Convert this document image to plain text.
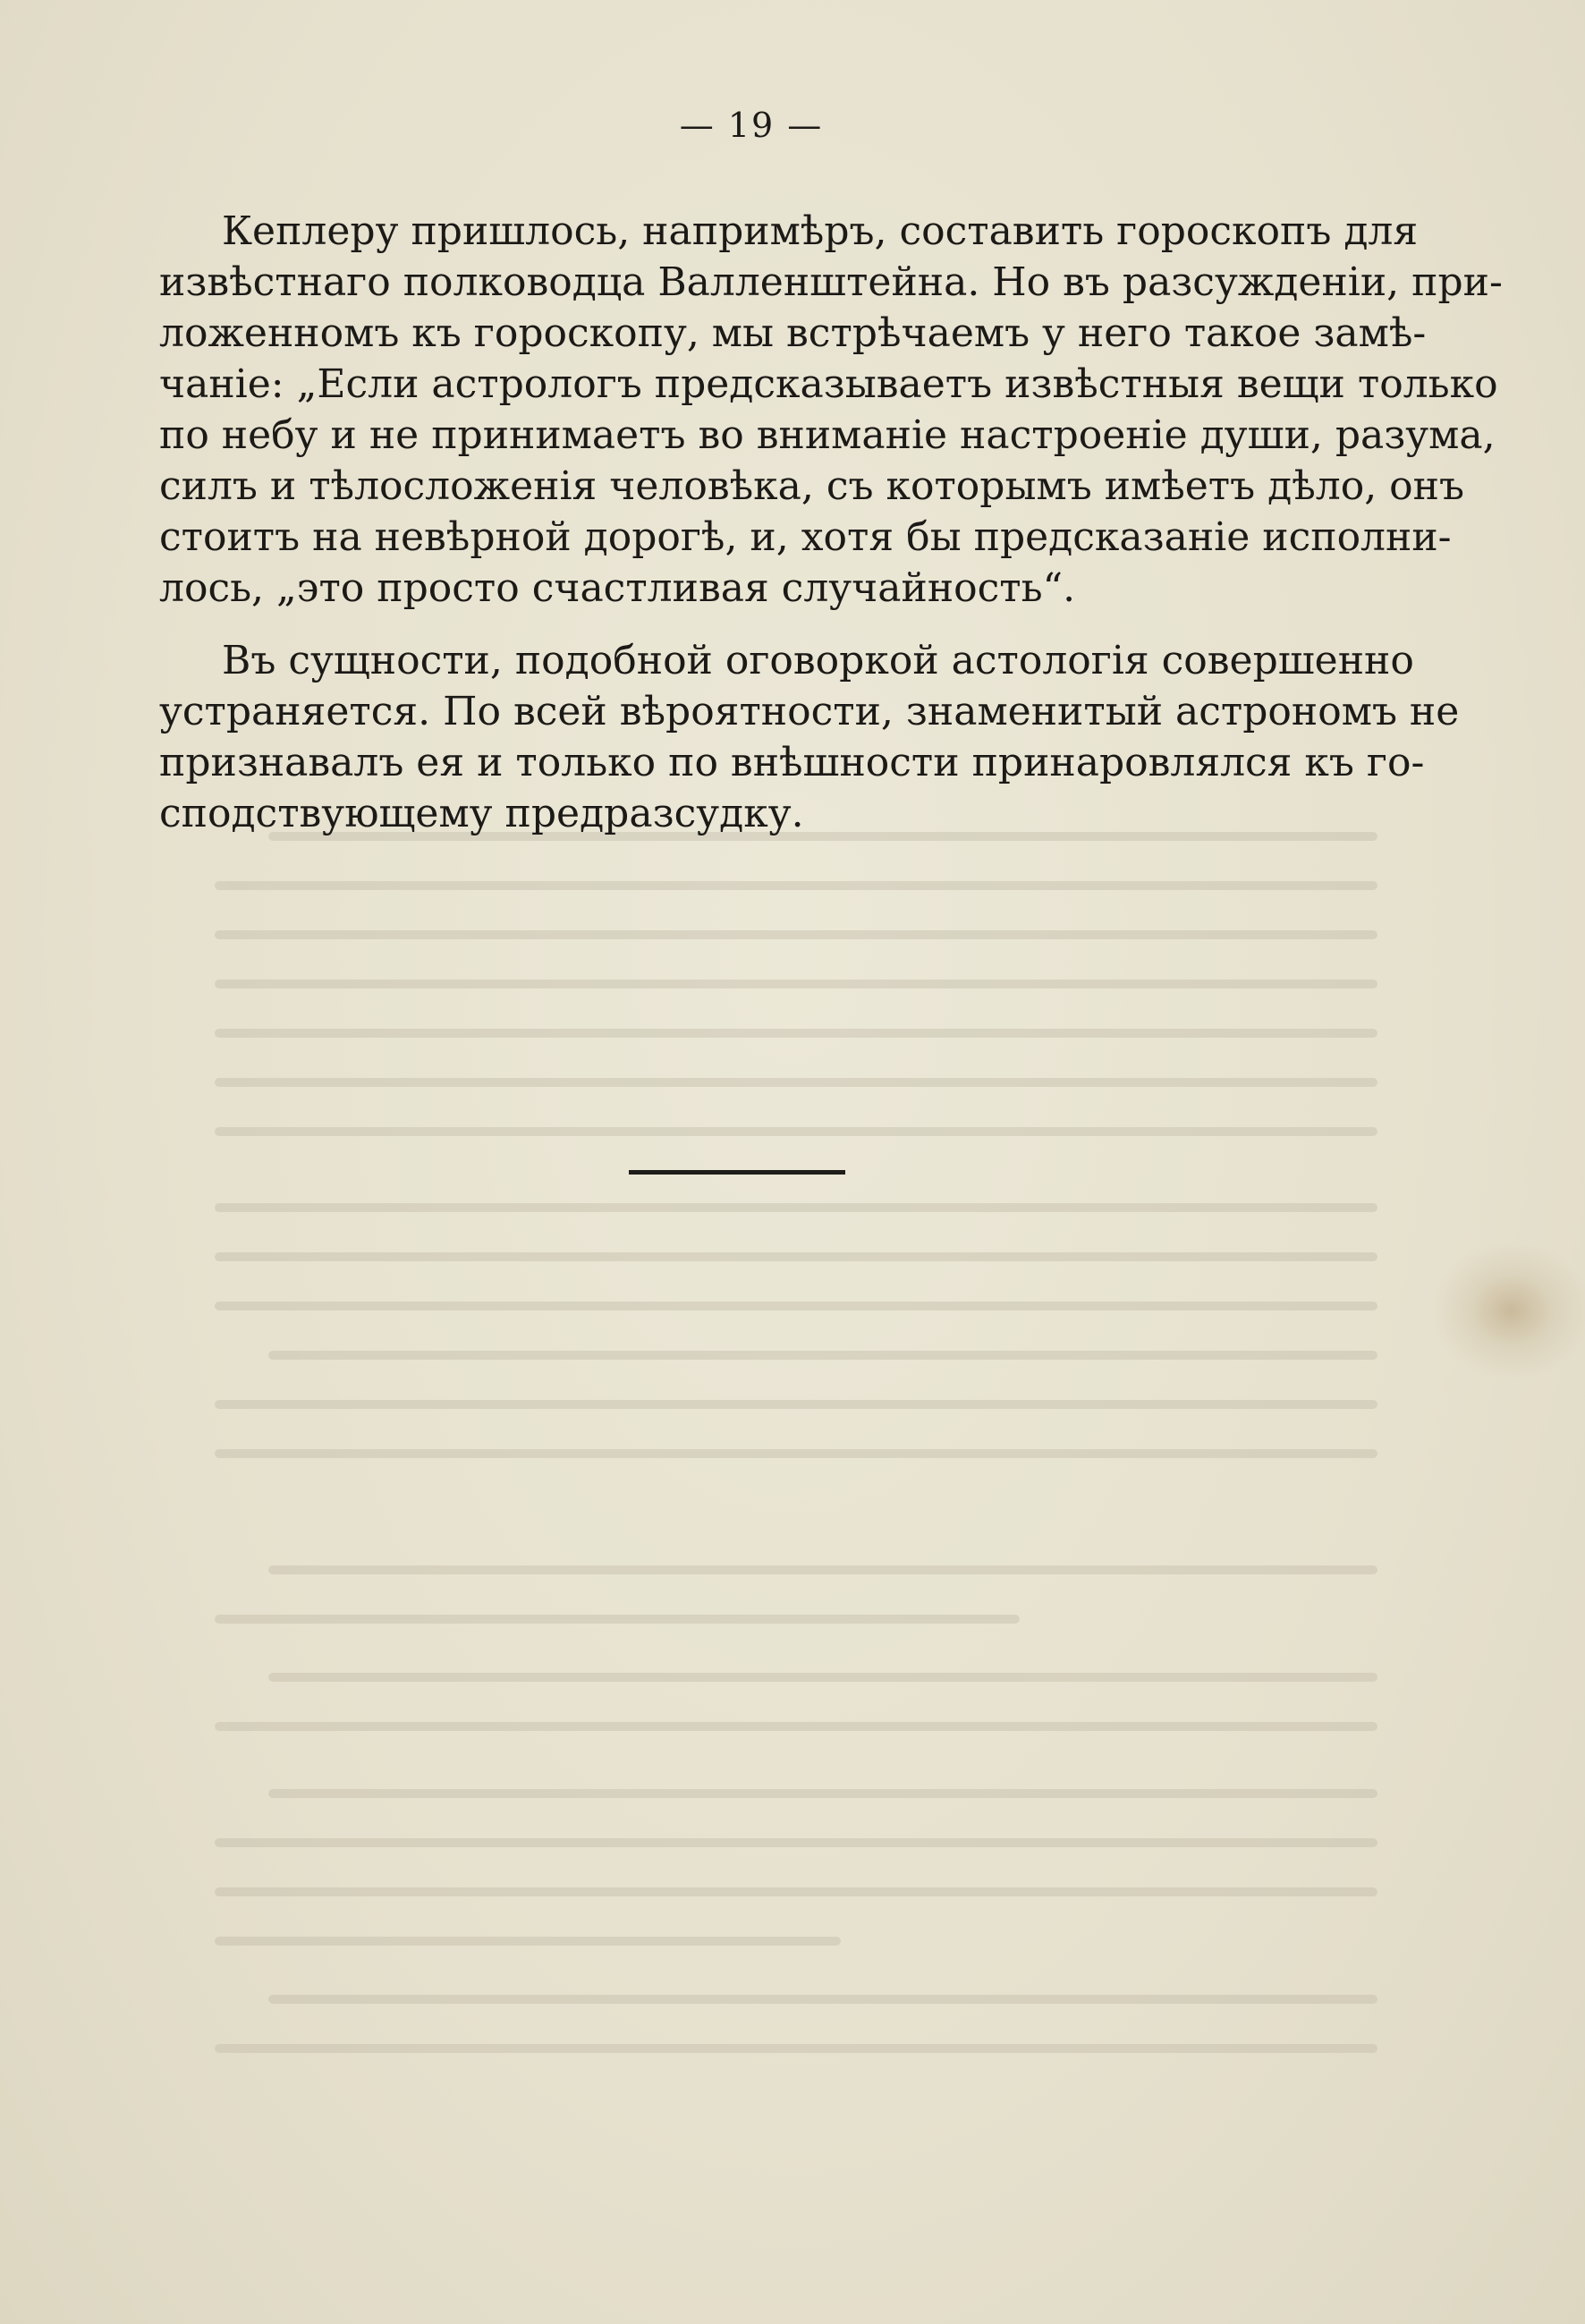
— 19 —
Кеплеру пришлось, напримѣръ, составить гороскопъ для
извѣстнаго полководца Валленштейна. Но въ разсужденіи, при-
ложенномъ къ гороскопу, мы встрѣчаемъ у него такое замѣ-
чаніе: „Если астрологъ предсказываетъ извѣстныя вещи только
по небу и не принимаетъ во вниманіе настроеніе души, разума,
силъ и тѣлосложенія человѣка, съ которымъ имѣетъ дѣло, онъ
стоитъ на невѣрной дорогѣ, и, хотя бы предсказаніе исполни-
лось, „это просто счастливая случайность“.
Въ сущности, подобной оговоркой астологія совершенно
устраняется. По всей вѣроятности, знаменитый астрономъ не
признавалъ ея и только по внѣшности принаровлялся къ го-
сподствующему предразсудку.
